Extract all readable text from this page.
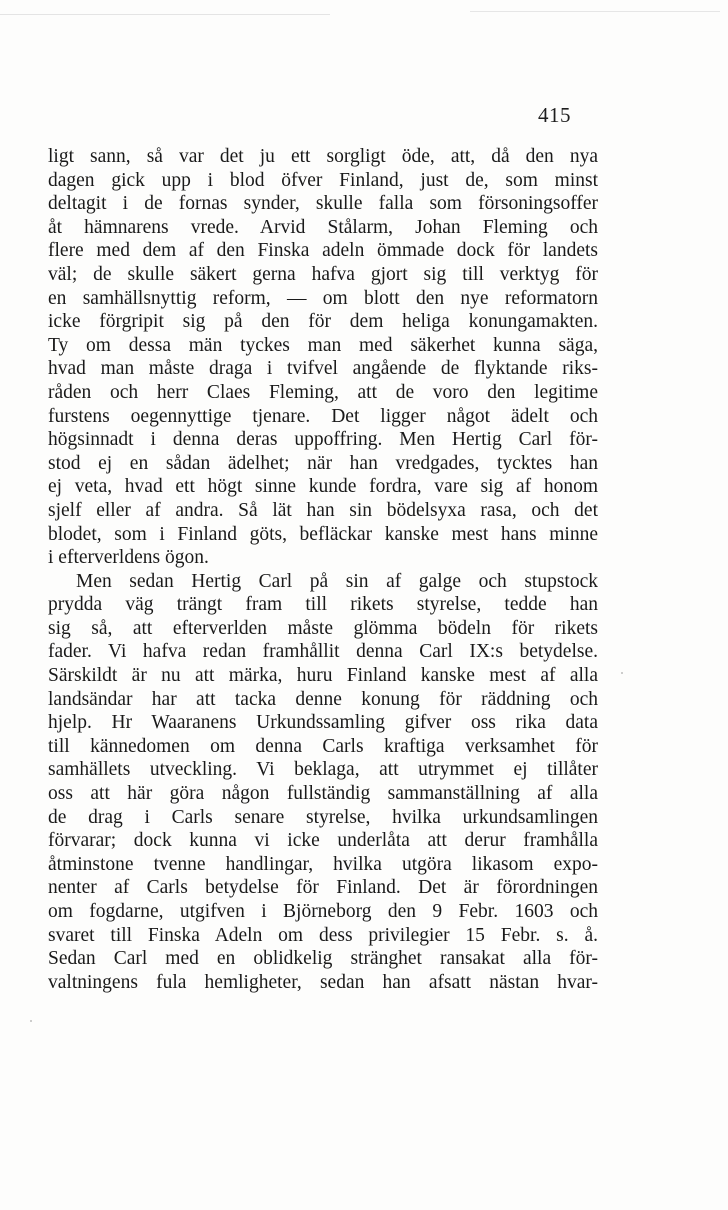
415
ligt sann, så var det ju ett sorgligt öde, att, då den nya
dagen gick upp i blod öfver Finland, just de, som minst
deltagit i de fornas synder, skulle falla som försoningsoffer
åt hämnarens vrede. Arvid Stålarm, Johan Fleming och
flere med dem af den Finska adeln ömmade dock för landets
väl; de skulle säkert gerna hafva gjort sig till verktyg för
en samhällsnyttig reform, — om blott den nye reformatorn
icke förgripit sig på den för dem heliga konungamakten.
Ty om dessa män tyckes man med säkerhet kunna säga,
hvad man måste draga i tvifvel angående de flyktande riks-
råden och herr Claes Fleming, att de voro den legitime
furstens oegennyttige tjenare. Det ligger något ädelt och
högsinnadt i denna deras uppoffring. Men Hertig Carl för-
stod ej en sådan ädelhet; när han vredgades, tycktes han
ej veta, hvad ett högt sinne kunde fordra, vare sig af honom
sjelf eller af andra. Så lät han sin bödelsyxa rasa, och det
blodet, som i Finland göts, befläckar kanske mest hans minne
i efterverldens ögon.
Men sedan Hertig Carl på sin af galge och stupstock
prydda väg trängt fram till rikets styrelse, tedde han
sig så, att efterverlden måste glömma bödeln för rikets
fader. Vi hafva redan framhållit denna Carl IX:s betydelse.
Särskildt är nu att märka, huru Finland kanske mest af alla
landsändar har att tacka denne konung för räddning och
hjelp. Hr Waaranens Urkundssamling gifver oss rika data
till kännedomen om denna Carls kraftiga verksamhet för
samhällets utveckling. Vi beklaga, att utrymmet ej tillåter
oss att här göra någon fullständig sammanställning af alla
de drag i Carls senare styrelse, hvilka urkundsamlingen
förvarar; dock kunna vi icke underlåta att derur framhålla
åtminstone tvenne handlingar, hvilka utgöra likasom expo-
nenter af Carls betydelse för Finland. Det är förordningen
om fogdarne, utgifven i Björneborg den 9 Febr. 1603 och
svaret till Finska Adeln om dess privilegier 15 Febr. s. å.
Sedan Carl med en oblidkelig stränghet ransakat alla för-
valtningens fula hemligheter, sedan han afsatt nästan hvar-
